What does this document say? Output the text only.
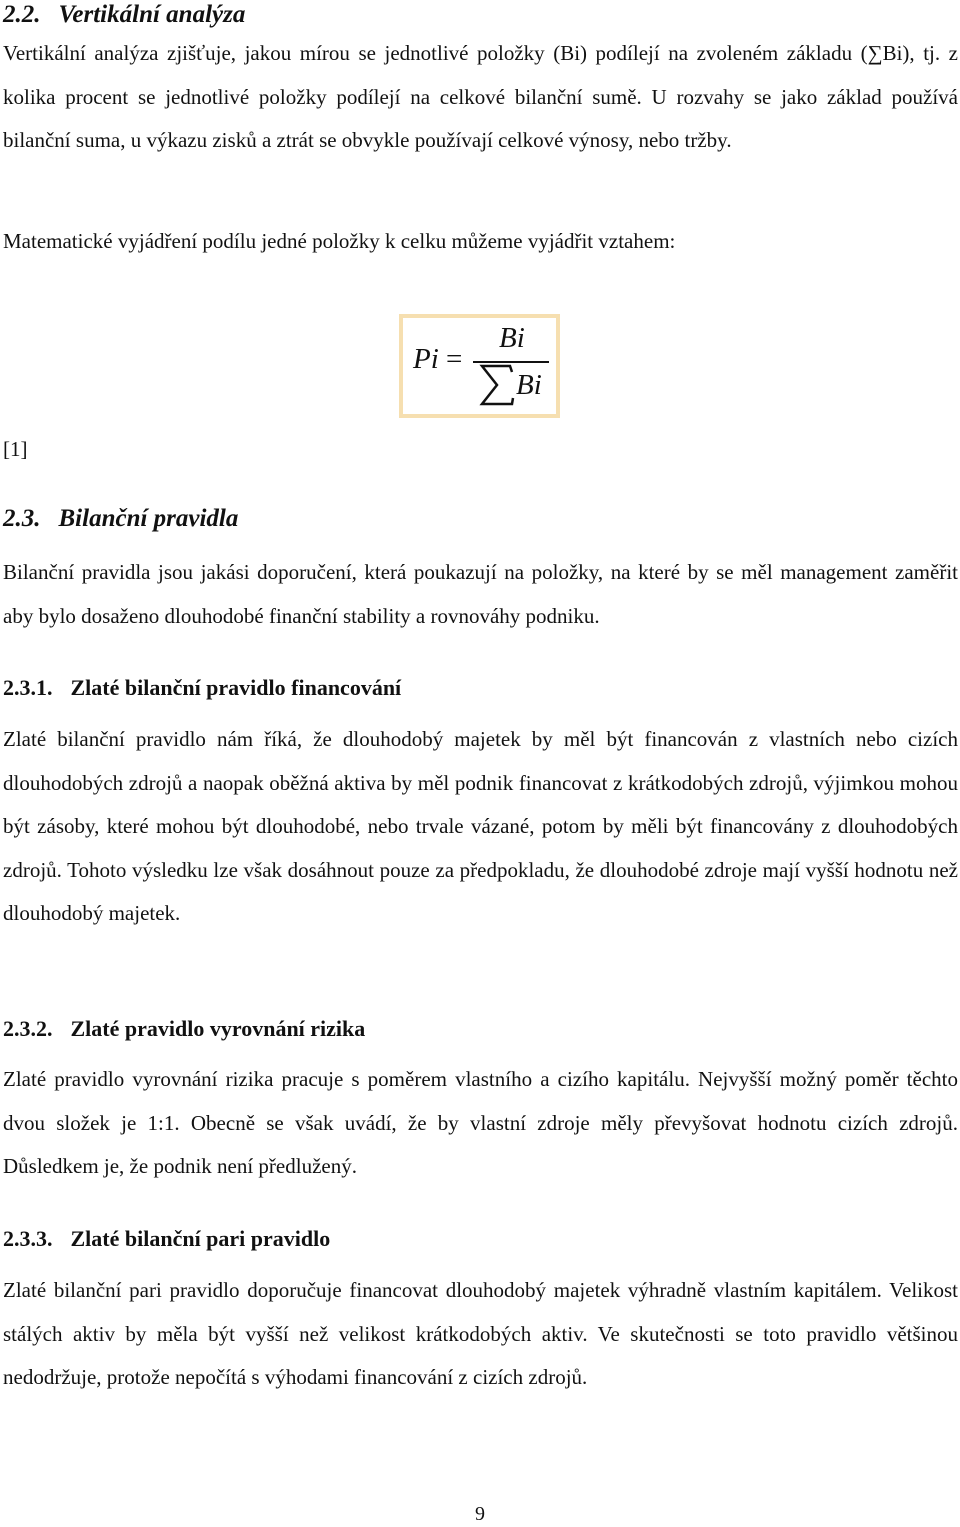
2.2. Vertikální analýza

Vertikální analýza zjišťuje, jakou mírou se jednotlivé položky (Bi) podílejí na zvoleném základu (∑Bi), tj. z kolika procent se jednotlivé položky podílejí na celkové bilanční sumě. U rozvahy se jako základ používá bilanční suma, u výkazu zisků a ztrát se obvykle používají celkové výnosy, nebo tržby.

Matematické vyjádření podílu jedné položky k celku můžeme vyjádřit vztahem:

Pi =
Bi
Bi
[1]
2.3. Bilanční pravidla

Bilanční pravidla jsou jakási doporučení, která poukazují na položky, na které by se měl management zaměřit aby bylo dosaženo dlouhodobé finanční stability a rovnováhy podniku.

2.3.1. Zlaté bilanční pravidlo financování

Zlaté bilanční pravidlo nám říká, že dlouhodobý majetek by měl být financován z vlastních nebo cizích dlouhodobých zdrojů a naopak oběžná aktiva by měl podnik financovat z krátkodobých zdrojů, výjimkou mohou být zásoby, které mohou být dlouhodobé, nebo trvale vázané, potom by měli být financovány z dlouhodobých zdrojů. Tohoto výsledku lze však dosáhnout pouze za předpokladu, že dlouhodobé zdroje mají vyšší hodnotu než dlouhodobý majetek.

2.3.2. Zlaté pravidlo vyrovnání rizika

Zlaté pravidlo vyrovnání rizika pracuje s poměrem vlastního a cizího kapitálu. Nejvyšší možný poměr těchto dvou složek je 1:1. Obecně se však uvádí, že by vlastní zdroje měly převyšovat hodnotu cizích zdrojů. Důsledkem je, že podnik není předlužený.

2.3.3. Zlaté bilanční pari pravidlo

Zlaté bilanční pari pravidlo doporučuje financovat dlouhodobý majetek výhradně vlastním kapitálem. Velikost stálých aktiv by měla být vyšší než velikost krátkodobých aktiv. Ve skutečnosti se toto pravidlo většinou nedodržuje, protože nepočítá s výhodami financování z cizích zdrojů.

9
